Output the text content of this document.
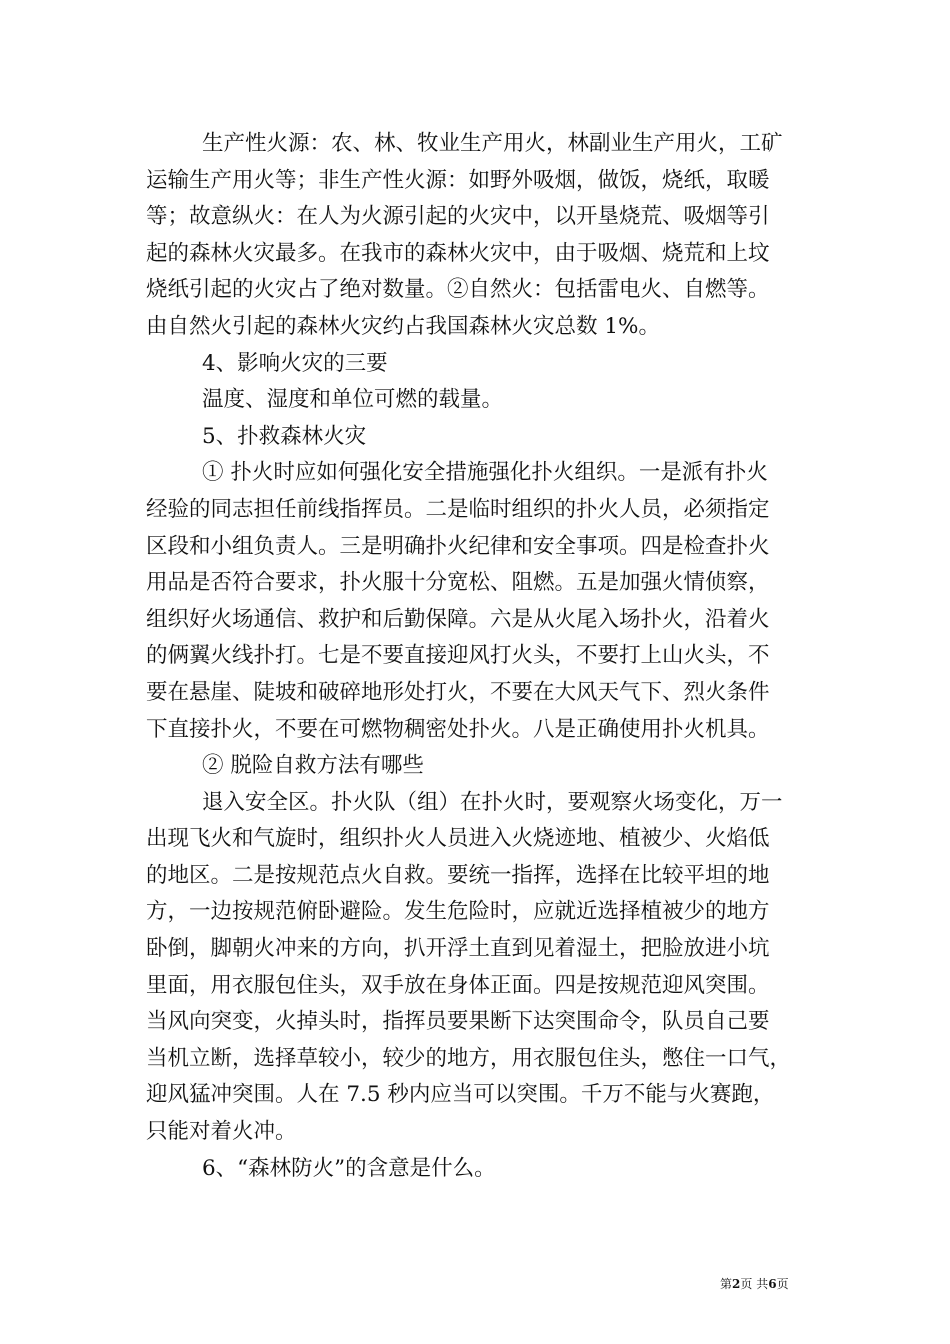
生产性火源：农、林、牧业生产用火，林副业生产用火，工矿

运输生产用火等；非生产性火源：如野外吸烟，做饭，烧纸，取暖

等；故意纵火：在人为火源引起的火灾中，以开垦烧荒、吸烟等引

起的森林火灾最多。在我市的森林火灾中，由于吸烟、烧荒和上坟

烧纸引起的火灾占了绝对数量。②自然火：包括雷电火、自燃等。

由自然火引起的森林火灾约占我国森林火灾总数 1%。

4、影响火灾的三要

温度、湿度和单位可燃的载量。

5、扑救森林火灾

① 扑火时应如何强化安全措施强化扑火组织。一是派有扑火

经验的同志担任前线指挥员。二是临时组织的扑火人员，必须指定

区段和小组负责人。三是明确扑火纪律和安全事项。四是检查扑火

用品是否符合要求，扑火服十分宽松、阻燃。五是加强火情侦察，

组织好火场通信、救护和后勤保障。六是从火尾入场扑火，沿着火

的俩翼火线扑打。七是不要直接迎风打火头，不要打上山火头，不

要在悬崖、陡坡和破碎地形处打火，不要在大风天气下、烈火条件

下直接扑火，不要在可燃物稠密处扑火。八是正确使用扑火机具。

② 脱险自救方法有哪些

退入安全区。扑火队（组）在扑火时，要观察火场变化，万一

出现飞火和气旋时，组织扑火人员进入火烧迹地、植被少、火焰低

的地区。二是按规范点火自救。要统一指挥，选择在比较平坦的地

方，一边按规范俯卧避险。发生危险时，应就近选择植被少的地方

卧倒，脚朝火冲来的方向，扒开浮土直到见着湿土，把脸放进小坑

里面，用衣服包住头，双手放在身体正面。四是按规范迎风突围。

当风向突变，火掉头时，指挥员要果断下达突围命令，队员自己要

当机立断，选择草较小，较少的地方，用衣服包住头，憋住一口气，

迎风猛冲突围。人在 7.5 秒内应当可以突围。千万不能与火赛跑，

只能对着火冲。

6、“森林防火”的含意是什么。

第2页 共6页
